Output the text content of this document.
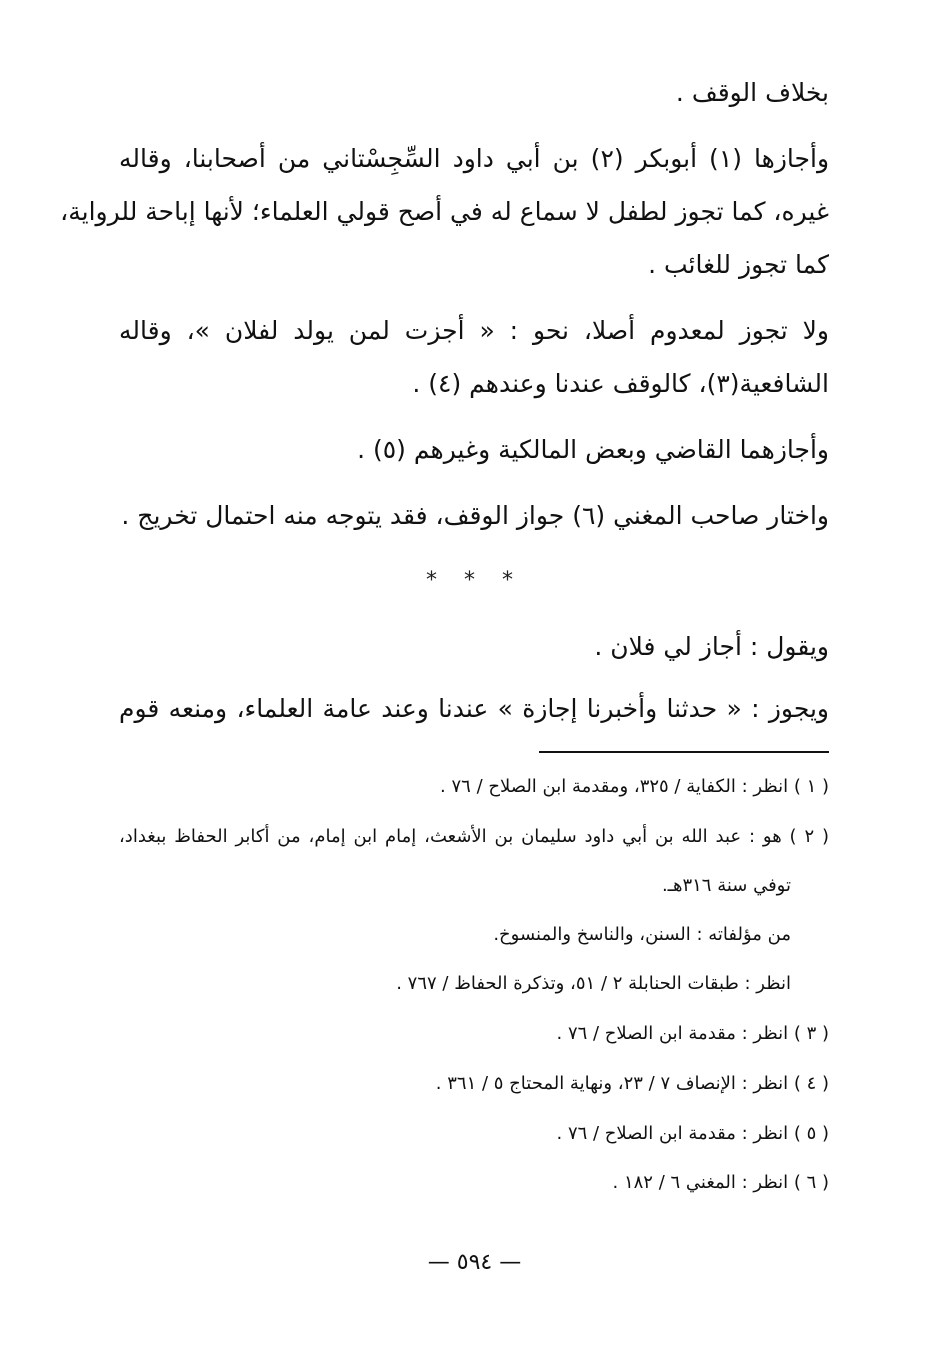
بخلاف الوقف .
وأجازها (١) أبوبكر (٢) بن أبي داود السِّجِسْتاني من أصحابنا، وقاله
غيره، كما تجوز لطفل لا سماع له في أصح قولي العلماء؛ لأنها إباحة للرواية،
كما تجوز للغائب .
ولا تجوز لمعدوم أصلا، نحو : « أجزت لمن يولد لفلان »، وقاله
الشافعية(٣)، كالوقف عندنا وعندهم (٤) .
وأجازهما القاضي وبعض المالكية وغيرهم (٥) .
واختار صاحب المغني (٦) جواز الوقف، فقد يتوجه منه احتمال تخريج .
* * *
ويقول : أجاز لي فلان .
ويجوز : « حدثنا وأخبرنا إجازة » عندنا وعند عامة العلماء، ومنعه قوم
( ١ ) انظر : الكفاية / ٣٢٥، ومقدمة ابن الصلاح / ٧٦ .
( ٢ ) هو : عبد الله بن أبي داود سليمان بن الأشعث، إمام ابن إمام، من أكابر الحفاظ ببغداد،
توفي سنة ٣١٦هـ.
من مؤلفاته : السنن، والناسخ والمنسوخ.
انظر : طبقات الحنابلة ٢ / ٥١، وتذكرة الحفاظ / ٧٦٧ .
( ٣ ) انظر : مقدمة ابن الصلاح / ٧٦ .
( ٤ ) انظر : الإنصاف ٧ / ٢٣، ونهاية المحتاج ٥ / ٣٦١ .
( ٥ ) انظر : مقدمة ابن الصلاح / ٧٦ .
( ٦ ) انظر : المغني ٦ / ١٨٢ .
— ٥٩٤ —
